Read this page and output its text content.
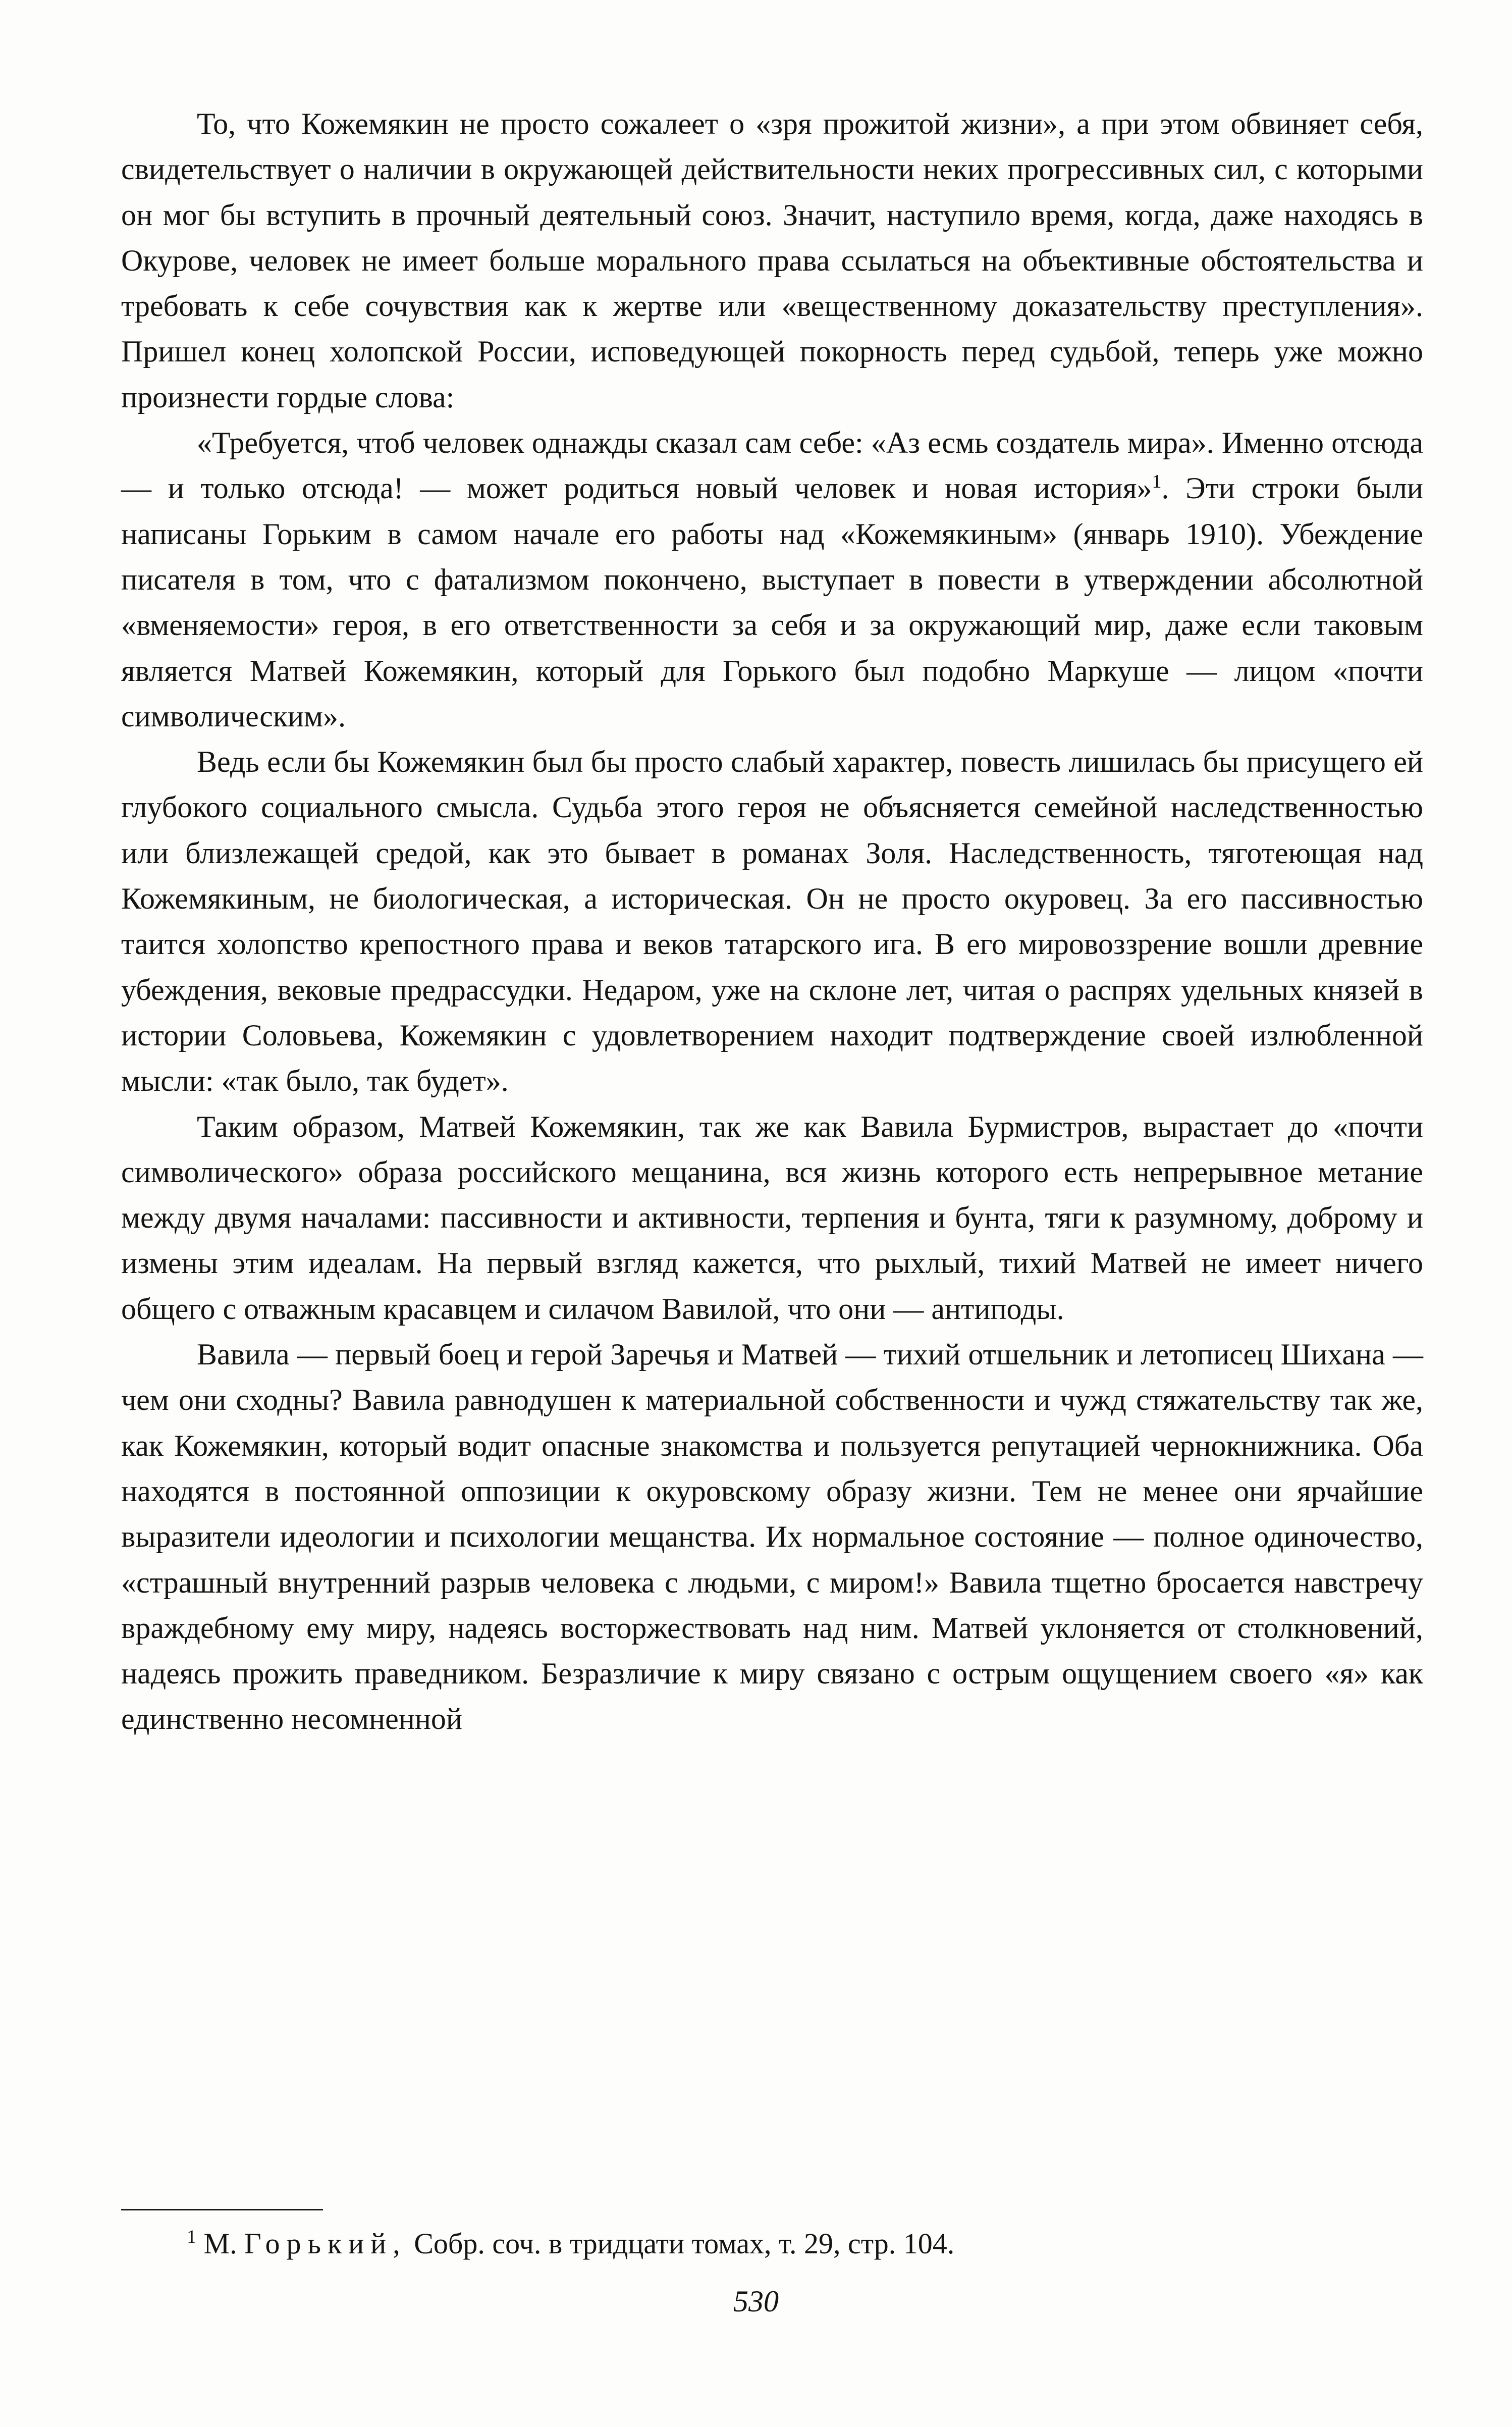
То, что Кожемякин не просто сожалеет о «зря прожитой жизни», а при этом обвиняет себя, свидетельствует о наличии в окружающей действительности неких прогрессивных сил, с которыми он мог бы вступить в прочный деятельный союз. Значит, наступило время, когда, даже находясь в Окурове, человек не имеет больше морального права ссылаться на объективные обстоятельства и требовать к себе сочувствия как к жертве или «вещественному доказательству преступления». Пришел конец холопской России, исповедующей покорность перед судьбой, теперь уже можно произнести гордые слова:

«Требуется, чтоб человек однажды сказал сам себе: «Аз есмь создатель мира». Именно отсюда — и только отсюда! — может родиться новый человек и новая история»$^1$. Эти строки были написаны Горьким в самом начале его работы над «Кожемякиным» (январь 1910). Убеждение писателя в том, что с фатализмом покончено, выступает в повести в утверждении абсолютной «вменяемости» героя, в его ответственности за себя и за окружающий мир, даже если таковым является Матвей Кожемякин, который для Горького был подобно Маркуше — лицом «почти символическим».

Ведь если бы Кожемякин был бы просто слабый характер, повесть лишилась бы присущего ей глубокого социального смысла. Судьба этого героя не объясняется семейной наследственностью или близлежащей средой, как это бывает в романах Золя. Наследственность, тяготеющая над Кожемякиным, не биологическая, а историческая. Он не просто окуровец. За его пассивностью таится холопство крепостного права и веков татарского ига. В его мировоззрение вошли древние убеждения, вековые предрассудки. Недаром, уже на склоне лет, читая о распрях удельных князей в истории Соловьева, Кожемякин с удовлетворением находит подтверждение своей излюбленной мысли: «так было, так будет».

Таким образом, Матвей Кожемякин, так же как Вавила Бурмистров, вырастает до «почти символического» образа российского мещанина, вся жизнь которого есть непрерывное метание между двумя началами: пассивности и активности, терпения и бунта, тяги к разумному, доброму и измены этим идеалам. На первый взгляд кажется, что рыхлый, тихий Матвей не имеет ничего общего с отважным красавцем и силачом Вавилой, что они — антиподы.

Вавила — первый боец и герой Заречья и Матвей — тихий отшельник и летописец Шихана — чем они сходны? Вавила равнодушен к материальной собственности и чужд стяжательству так же, как Кожемякин, который водит опасные знакомства и пользуется репутацией чернокнижника. Оба находятся в постоянной оппозиции к окуровскому образу жизни. Тем не менее они ярчайшие выразители идеологии и психологии мещанства. Их нормальное состояние — полное одиночество, «страшный внутренний разрыв человека с людьми, с миром!» Вавила тщетно бросается навстречу враждебному ему миру, надеясь восторжествовать над ним. Матвей уклоняется от столкновений, надеясь прожить праведником. Безразличие к миру связано с острым ощущением своего «я» как единственно несомненной

$^1$ М. Горький, Собр. соч. в тридцати томах, т. 29, стр. 104.
530
